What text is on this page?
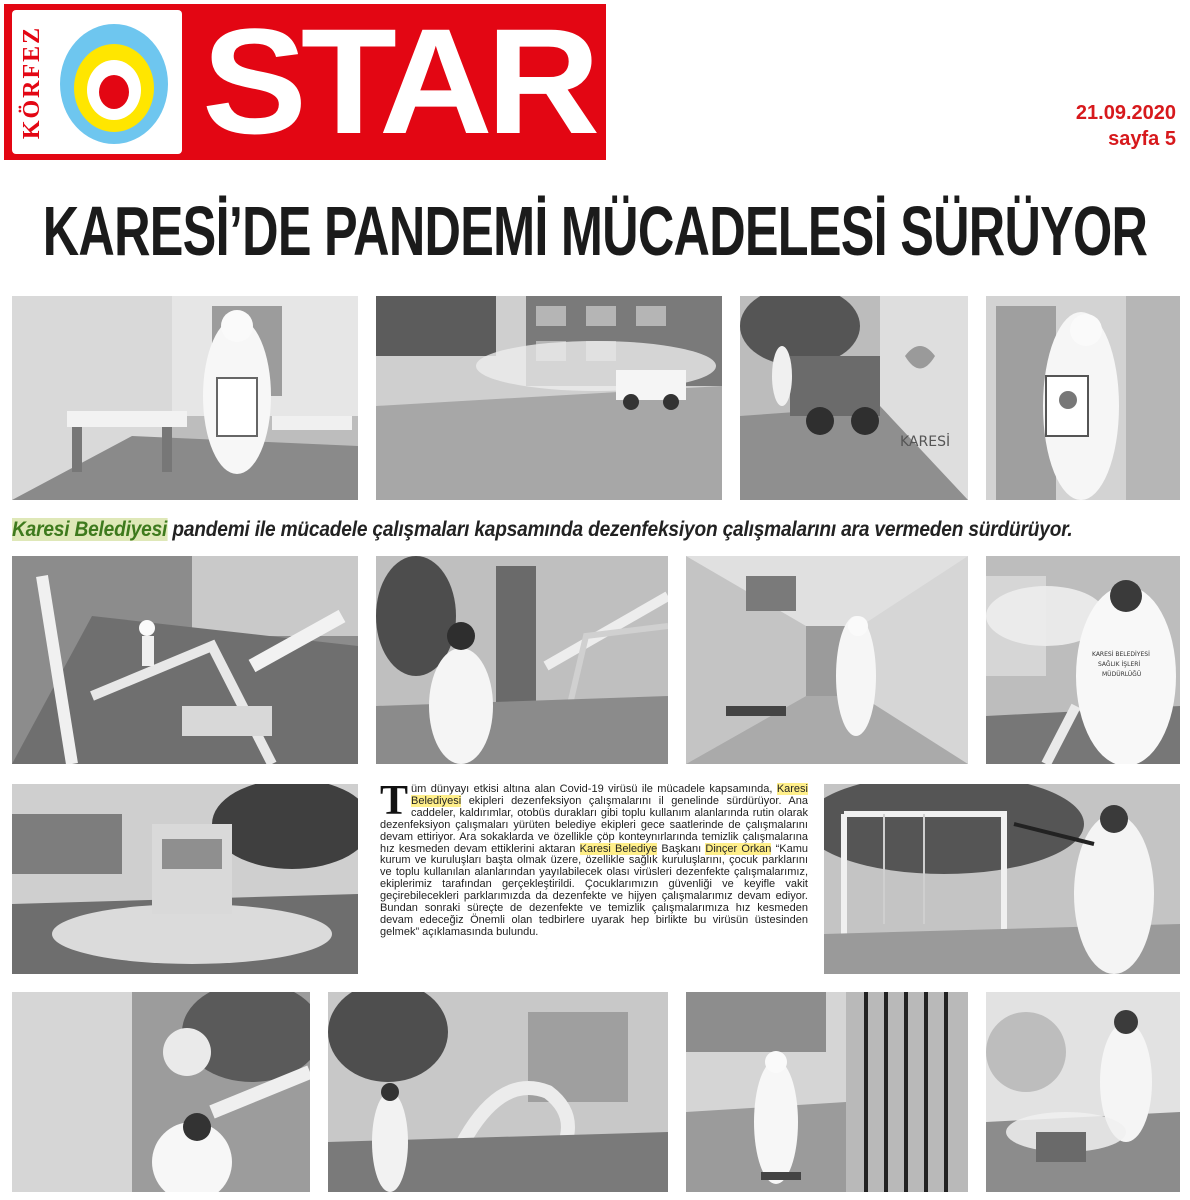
KÖRFEZ STAR	21.09.2020
sayfa 5
KARESİ’DE PANDEMİ MÜCADELESİ SÜRÜYOR
KARESİ
Karesi Belediyesi pandemi ile mücadele çalışmaları kapsamında dezenfeksiyon çalışmalarını ara vermeden sürdürüyor.
KARESİ BELEDİYESİ
SAĞLIK İŞLERİ
MÜDÜRLÜĞÜ
Tüm dünyayı etkisi altına alan Covid-19 virüsü ile mücadele kapsamında, Karesi Belediyesi ekipleri dezenfeksiyon çalışmalarını il genelinde sürdürüyor. Ana caddeler, kaldırımlar, otobüs durakları gibi toplu kullanım alanlarında rutin olarak dezenfeksiyon çalışmaları yürüten belediye ekipleri gece saatlerinde de çalışmalarını devam ettiriyor. Ara sokaklarda ve özellikle çöp konteynırlarında temizlik çalışmalarına hız kesmeden devam ettiklerini aktaran Karesi Belediye Başkanı Dinçer Orkan “Kamu kurum ve kuruluşları başta olmak üzere, özellikle sağlık kuruluşlarını, çocuk parklarını ve toplu kullanılan alanlarından yayılabilecek olası virüsleri dezenfekte çalışmalarımız, ekiplerimiz tarafından gerçekleştirildi. Çocuklarımızın güvenliği ve keyifle vakit geçirebilecekleri parklarımızda da dezenfekte ve hijyen çalışmalarımız devam ediyor. Bundan sonraki süreçte de dezenfekte ve temizlik çalışmalarımıza hız kesmeden devam edeceğiz Önemli olan tedbirlere uyarak hep birlikte bu virüsün üstesinden gelmek” açıklamasında bulundu.
